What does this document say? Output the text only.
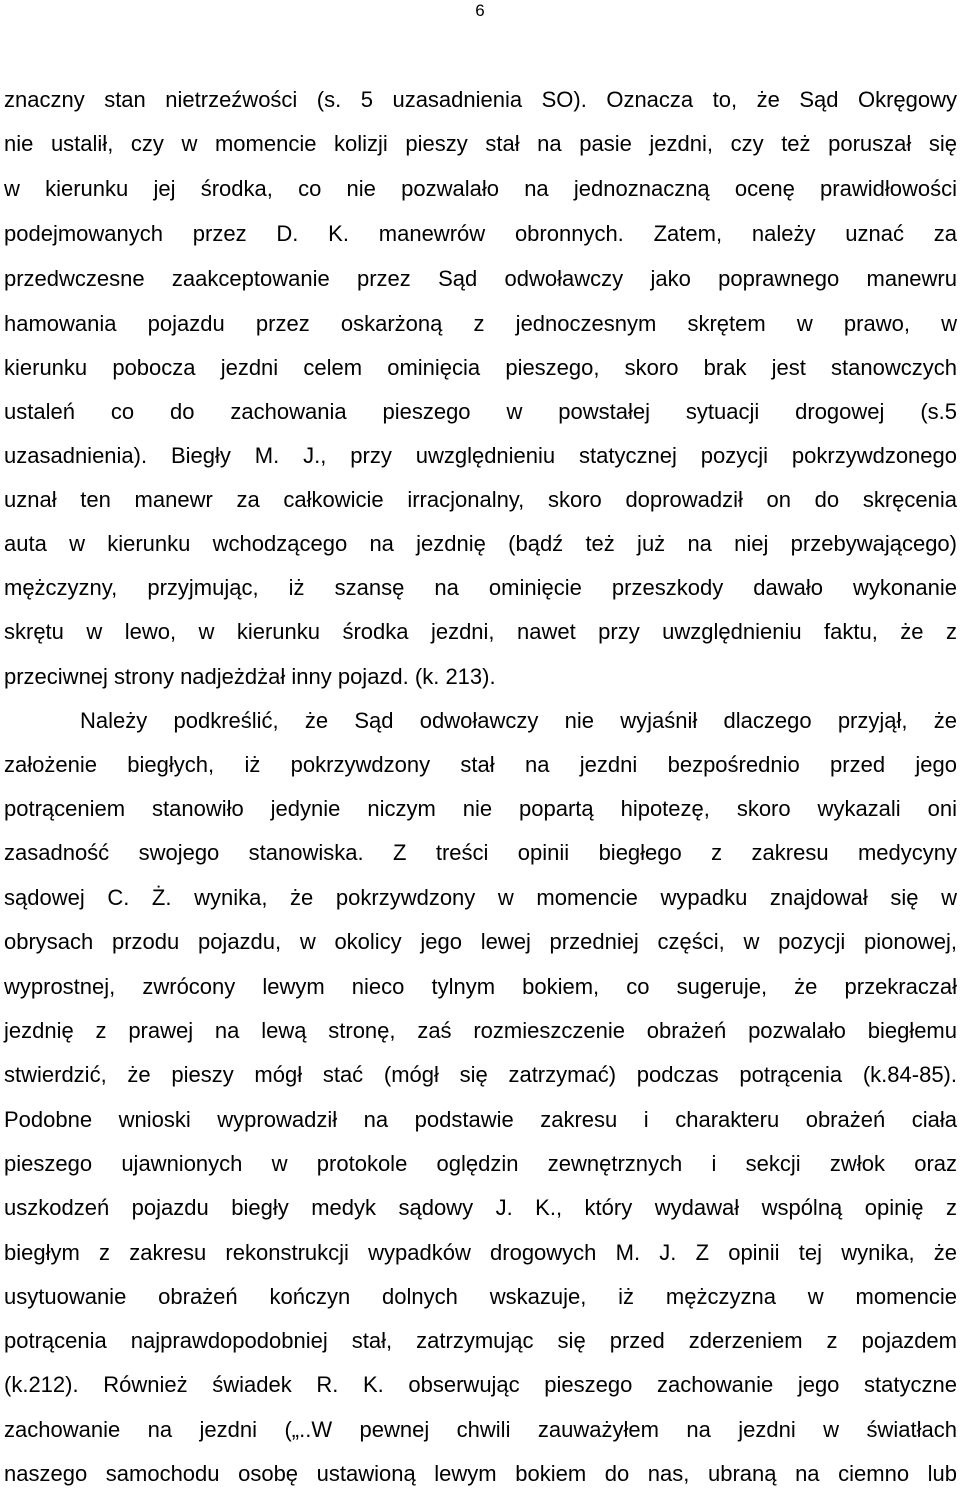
6
znaczny stan nietrzeźwości (s. 5 uzasadnienia SO). Oznacza to, że Sąd Okręgowy
nie ustalił, czy w momencie kolizji pieszy stał na pasie jezdni, czy też poruszał się
w kierunku jej środka, co nie pozwalało na jednoznaczną ocenę prawidłowości
podejmowanych przez D. K. manewrów obronnych. Zatem, należy uznać za
przedwczesne zaakceptowanie przez Sąd odwoławczy jako poprawnego manewru
hamowania pojazdu przez oskarżoną z jednoczesnym skrętem w prawo, w
kierunku pobocza jezdni celem ominięcia pieszego, skoro brak jest stanowczych
ustaleń co do zachowania pieszego w powstałej sytuacji drogowej (s.5
uzasadnienia). Biegły M. J., przy uwzględnieniu statycznej pozycji pokrzywdzonego
uznał ten manewr za całkowicie irracjonalny, skoro doprowadził on do skręcenia
auta w kierunku wchodzącego na jezdnię (bądź też już na niej przebywającego)
mężczyzny, przyjmując, iż szansę na ominięcie przeszkody dawało wykonanie
skrętu w lewo, w kierunku środka jezdni, nawet przy uwzględnieniu faktu, że z
przeciwnej strony nadjeżdżał inny pojazd. (k. 213).
Należy podkreślić, że Sąd odwoławczy nie wyjaśnił dlaczego przyjął, że
założenie biegłych, iż pokrzywdzony stał na jezdni bezpośrednio przed jego
potrąceniem stanowiło jedynie niczym nie popartą hipotezę, skoro wykazali oni
zasadność swojego stanowiska. Z treści opinii biegłego z zakresu medycyny
sądowej C. Ż. wynika, że pokrzywdzony w momencie wypadku znajdował się w
obrysach przodu pojazdu, w okolicy jego lewej przedniej części, w pozycji pionowej,
wyprostnej, zwrócony lewym nieco tylnym bokiem, co sugeruje, że przekraczał
jezdnię z prawej na lewą stronę, zaś rozmieszczenie obrażeń pozwalało biegłemu
stwierdzić, że pieszy mógł stać (mógł się zatrzymać) podczas potrącenia (k.84-85).
Podobne wnioski wyprowadził na podstawie zakresu i charakteru obrażeń ciała
pieszego ujawnionych w protokole oględzin zewnętrznych i sekcji zwłok oraz
uszkodzeń pojazdu biegły medyk sądowy J. K., który wydawał wspólną opinię z
biegłym z zakresu rekonstrukcji wypadków drogowych M. J. Z opinii tej wynika, że
usytuowanie obrażeń kończyn dolnych wskazuje, iż mężczyzna w momencie
potrącenia najprawdopodobniej stał, zatrzymując się przed zderzeniem z pojazdem
(k.212). Również świadek R. K. obserwując pieszego zachowanie jego statyczne
zachowanie na jezdni („..W pewnej chwili zauważyłem na jezdni w światłach
naszego samochodu osobę ustawioną lewym bokiem do nas, ubraną na ciemno lub
